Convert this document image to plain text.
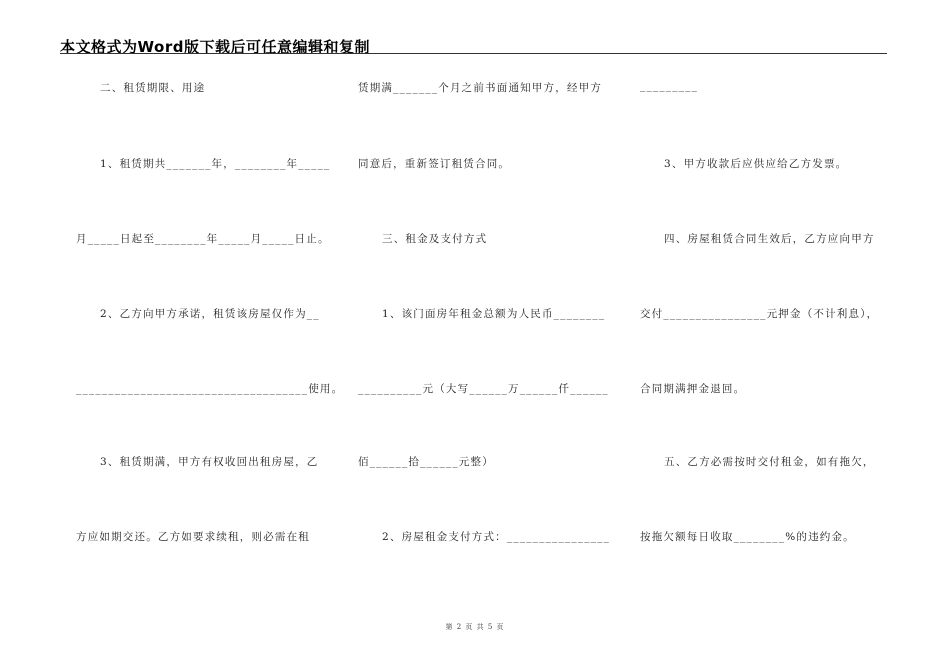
本文格式为Word版下载后可任意编辑和复制
二、租赁期限、用途
1、租赁期共_______年，________年_____
月_____日起至________年_____月_____日止。
2、乙方向甲方承诺，租赁该房屋仅作为__
____________________________________使用。
3、租赁期满，甲方有权收回出租房屋，乙
方应如期交还。乙方如要求续租，则必需在租
赁期满_______个月之前书面通知甲方，经甲方
同意后，重新签订租赁合同。
三、租金及支付方式
1、该门面房年租金总额为人民币________
__________元（大写______万______仟______
佰______拾______元整）
2、房屋租金支付方式：________________
_________
3、甲方收款后应供应给乙方发票。
四、房屋租赁合同生效后，乙方应向甲方
交付________________元押金（不计利息），
合同期满押金退回。
五、乙方必需按时交付租金，如有拖欠，
按拖欠额每日收取________%的违约金。
第 2 页 共 5 页
